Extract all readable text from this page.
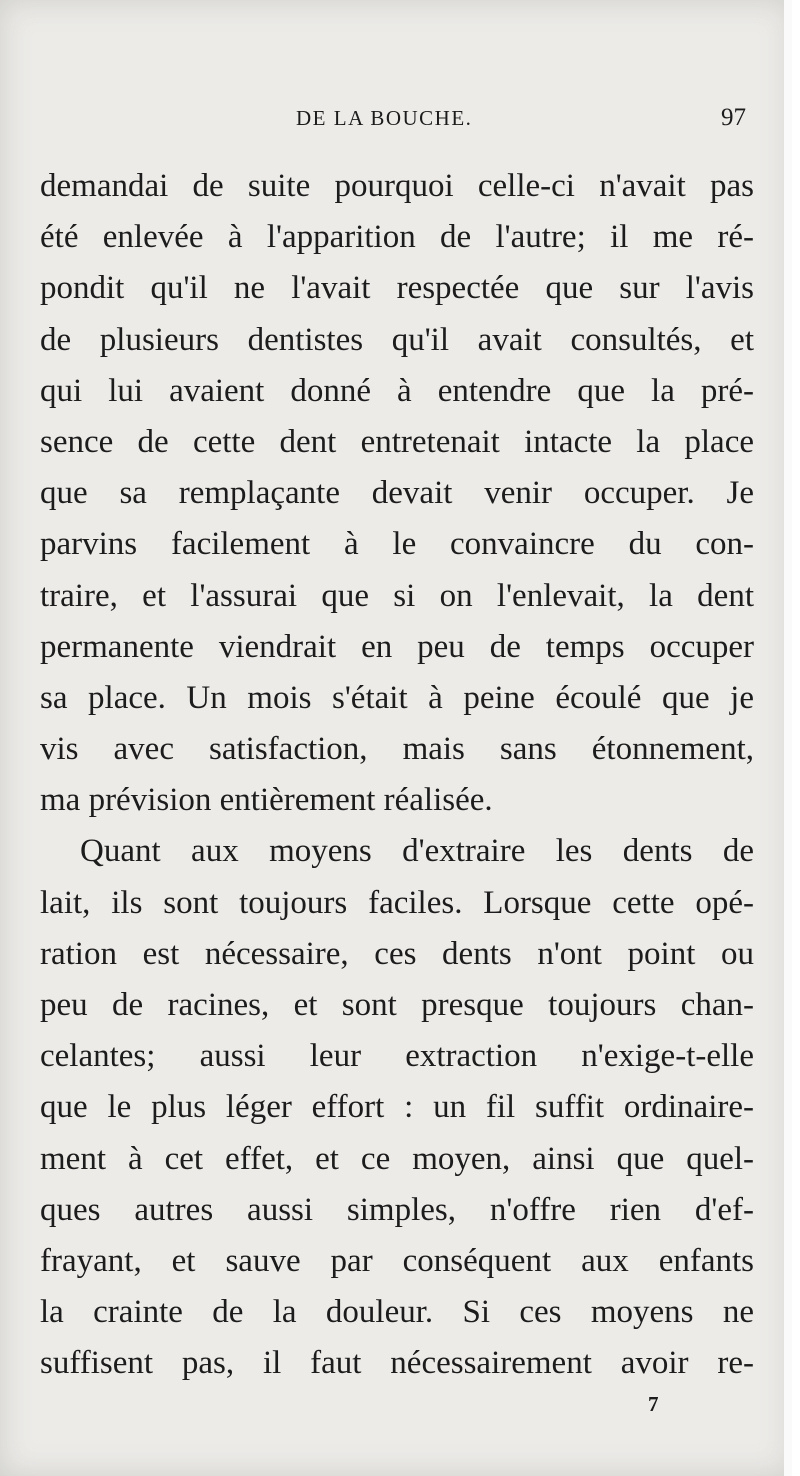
DE LA BOUCHE.	97
demandai de suite pourquoi celle-ci n'avait pas
été enlevée à l'apparition de l'autre; il me ré-
pondit qu'il ne l'avait respectée que sur l'avis
de plusieurs dentistes qu'il avait consultés, et
qui lui avaient donné à entendre que la pré-
sence de cette dent entretenait intacte la place
que sa remplaçante devait venir occuper. Je
parvins facilement à le convaincre du con-
traire, et l'assurai que si on l'enlevait, la dent
permanente viendrait en peu de temps occuper
sa place. Un mois s'était à peine écoulé que je
vis avec satisfaction, mais sans étonnement,
ma prévision entièrement réalisée.
Quant aux moyens d'extraire les dents de
lait, ils sont toujours faciles. Lorsque cette opé-
ration est nécessaire, ces dents n'ont point ou
peu de racines, et sont presque toujours chan-
celantes; aussi leur extraction n'exige-t-elle
que le plus léger effort : un fil suffit ordinaire-
ment à cet effet, et ce moyen, ainsi que quel-
ques autres aussi simples, n'offre rien d'ef-
frayant, et sauve par conséquent aux enfants
la crainte de la douleur. Si ces moyens ne
suffisent pas, il faut nécessairement avoir re-
7
